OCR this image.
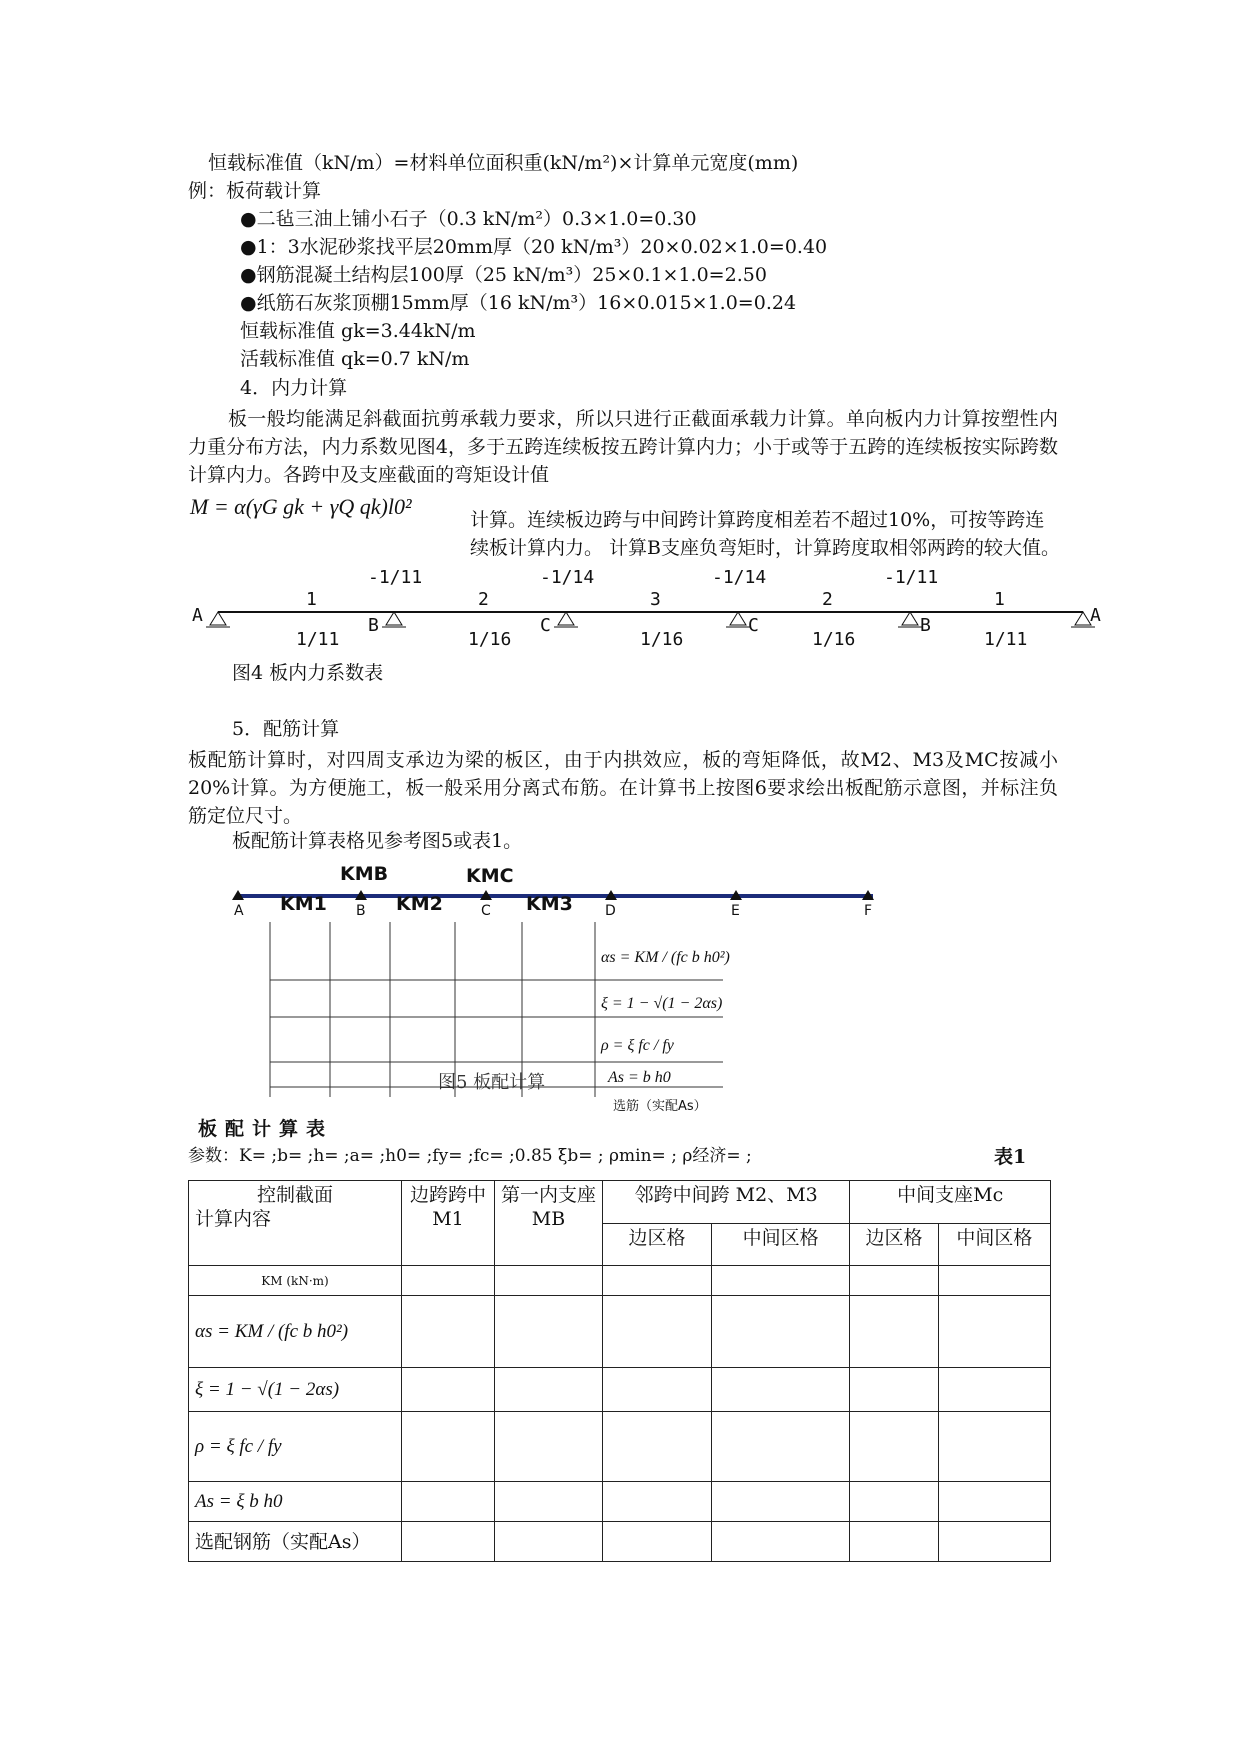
恒载标准值（kN/m）=材料单位面积重(kN/m²)×计算单元宽度(mm)
例：板荷载计算
●二毡三油上铺小石子（0.3 kN/m²）0.3×1.0=0.30
●1：3水泥砂浆找平层20mm厚（20 kN/m³）20×0.02×1.0=0.40
●钢筋混凝土结构层100厚（25 kN/m³）25×0.1×1.0=2.50
●纸筋石灰浆顶棚15mm厚（16 kN/m³）16×0.015×1.0=0.24
恒载标准值 gk=3.44kN/m
活载标准值 qk=0.7 kN/m
4．内力计算
板一般均能满足斜截面抗剪承载力要求，所以只进行正截面承载力计算。单向板内力计算按塑性内力重分布方法，内力系数见图4，多于五跨连续板按五跨计算内力；小于或等于五跨的连续板按实际跨数计算内力。各跨中及支座截面的弯矩设计值
M = α(γG gk + γQ qk)l0²
计算。连续板边跨与中间跨计算跨度相差若不超过10%，可按等跨连续板计算内力。 计算B支座负弯矩时，计算跨度取相邻两跨的较大值。
A	B	C	C	B	A
1	2	3	2	1
1/11	1/16	1/16	1/16	1/11
-1/11	-1/14	-1/14	-1/11
图4 板内力系数表
5．配筋计算
板配筋计算时，对四周支承边为梁的板区，由于内拱效应，板的弯矩降低，故M2、M3及MC按减小20%计算。为方便施工，板一般采用分离式布筋。在计算书上按图6要求绘出板配筋示意图，并标注负筋定位尺寸。
板配筋计算表格见参考图5或表1。
A	B	C	D	E	F
KM1
KMB
KM2
KMC
KM3
αs = KM / (fc b h0²)
ξ = 1 − √(1 − 2αs)
ρ = ξ fc / fy
As = b h0
图5 板配计算
选筋（实配As）
板配计算表
参数：K= ;b= ;h= ;a= ;h0= ;fy= ;fc= ;0.85 ξb= ; ρmin= ; ρ经济= ;	表1
控制截面
计算内容	边跨跨中M1	第一内支座MB	邻跨中间跨 M2、M3		中间支座Mc	
			边区格	中间区格	边区格	中间区格
KM (kN·m)						
αs = KM / (fc b h0²)						
ξ = 1 − √(1 − 2αs)						
ρ = ξ fc / fy						
As = ξ b h0						
选配钢筋（实配As）						
